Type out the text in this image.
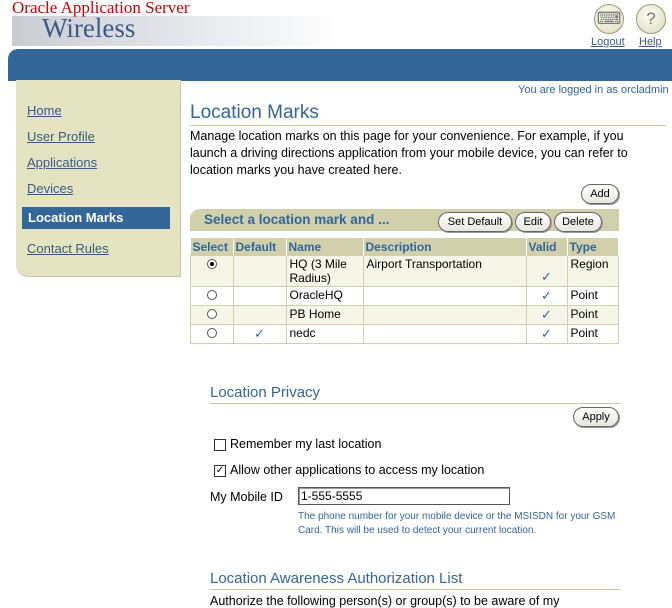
Oracle Application Server
Wireless	⌨
Logout
?
Help
You are logged in as orcladmin
Home
User Profile
Applications
Devices
Location Marks
Contact Rules
Location Marks
Manage location marks on this page for your convenience. For example, if you launch a driving directions application from your mobile device, you can refer to location marks you have created here.
Add
Select a location mark and ...	Set Default	Edit	Delete
Select	Default	Name	Description	Valid	Type
		HQ (3 Mile Radius)	Airport Transportation	✓	Region
		OracleHQ		✓	Point
		PB Home		✓	Point
	✓	nedc		✓	Point
Location Privacy
Apply
Remember my last location
✓ Allow other applications to access my location
My Mobile ID 1-555-5555
The phone number for your mobile device or the MSISDN for your GSM Card. This will be used to detect your current location.
Location Awareness Authorization List
Authorize the following person(s) or group(s) to be aware of my
